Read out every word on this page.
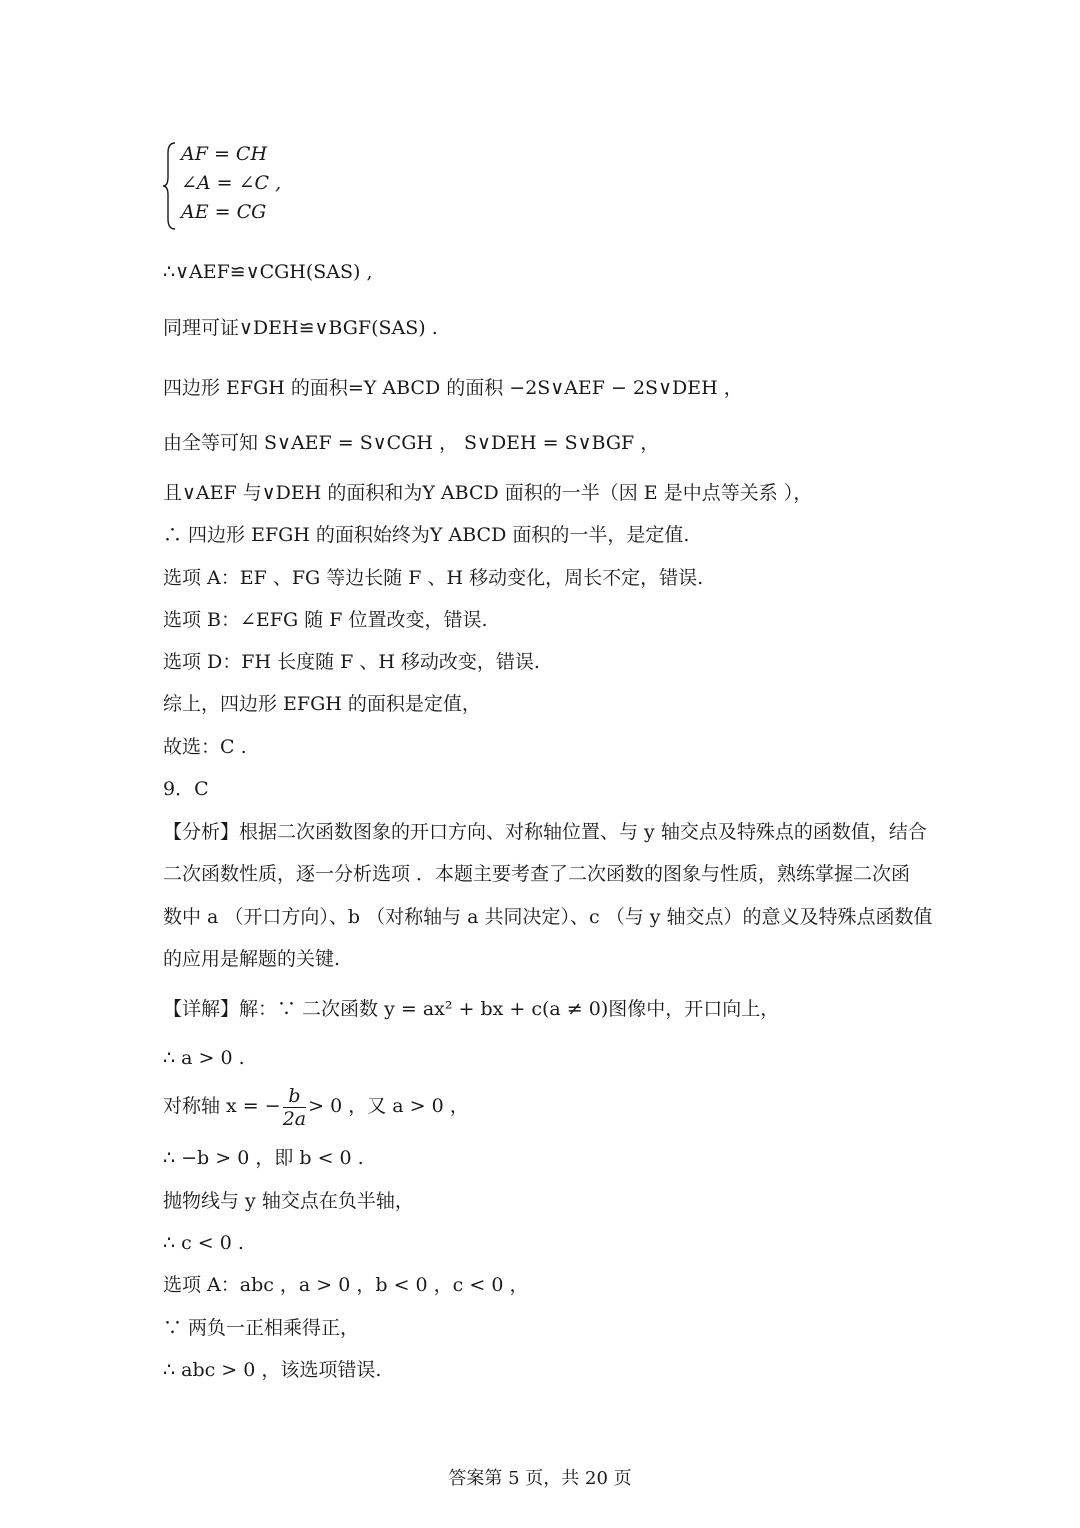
AF = CH
∠A = ∠C ,
AE = CG
∴∨AEF≌∨CGH(SAS) ,
同理可证∨DEH≌∨BGF(SAS) .
四边形 EFGH 的面积=Y ABCD 的面积 −2S∨AEF − 2S∨DEH ，
由全等可知 S∨AEF = S∨CGH ， S∨DEH = S∨BGF ，
且∨AEF 与∨DEH 的面积和为Y ABCD 面积的一半（因 E 是中点等关系 ），
∴ 四边形 EFGH 的面积始终为Y ABCD 面积的一半，是定值.
选项 A：EF 、FG 等边长随 F 、H 移动变化，周长不定，错误.
选项 B：∠EFG 随 F 位置改变，错误.
选项 D：FH 长度随 F 、H 移动改变，错误.
综上，四边形 EFGH 的面积是定值，
故选：C .
9．C
【分析】根据二次函数图象的开口方向、对称轴位置、与 y 轴交点及特殊点的函数值，结合
二次函数性质，逐一分析选项 ．本题主要考查了二次函数的图象与性质，熟练掌握二次函
数中 a （开口方向）、b （对称轴与 a 共同决定）、c （与 y 轴交点）的意义及特殊点函数值
的应用是解题的关键.
【详解】解：∵ 二次函数 y = ax² + bx + c(a ≠ 0)图像中，开口向上，
∴ a > 0 .
对称轴 x = − $\frac{b}{2a} > 0$ ，又 a > 0 ，
∴ −b > 0 ，即 b < 0 .
抛物线与 y 轴交点在负半轴，
∴ c < 0 .
选项 A：abc ，a > 0 ，b < 0 ，c < 0 ，
∵ 两负一正相乘得正，
∴ abc > 0 ，该选项错误.
答案第 5 页，共 20 页
